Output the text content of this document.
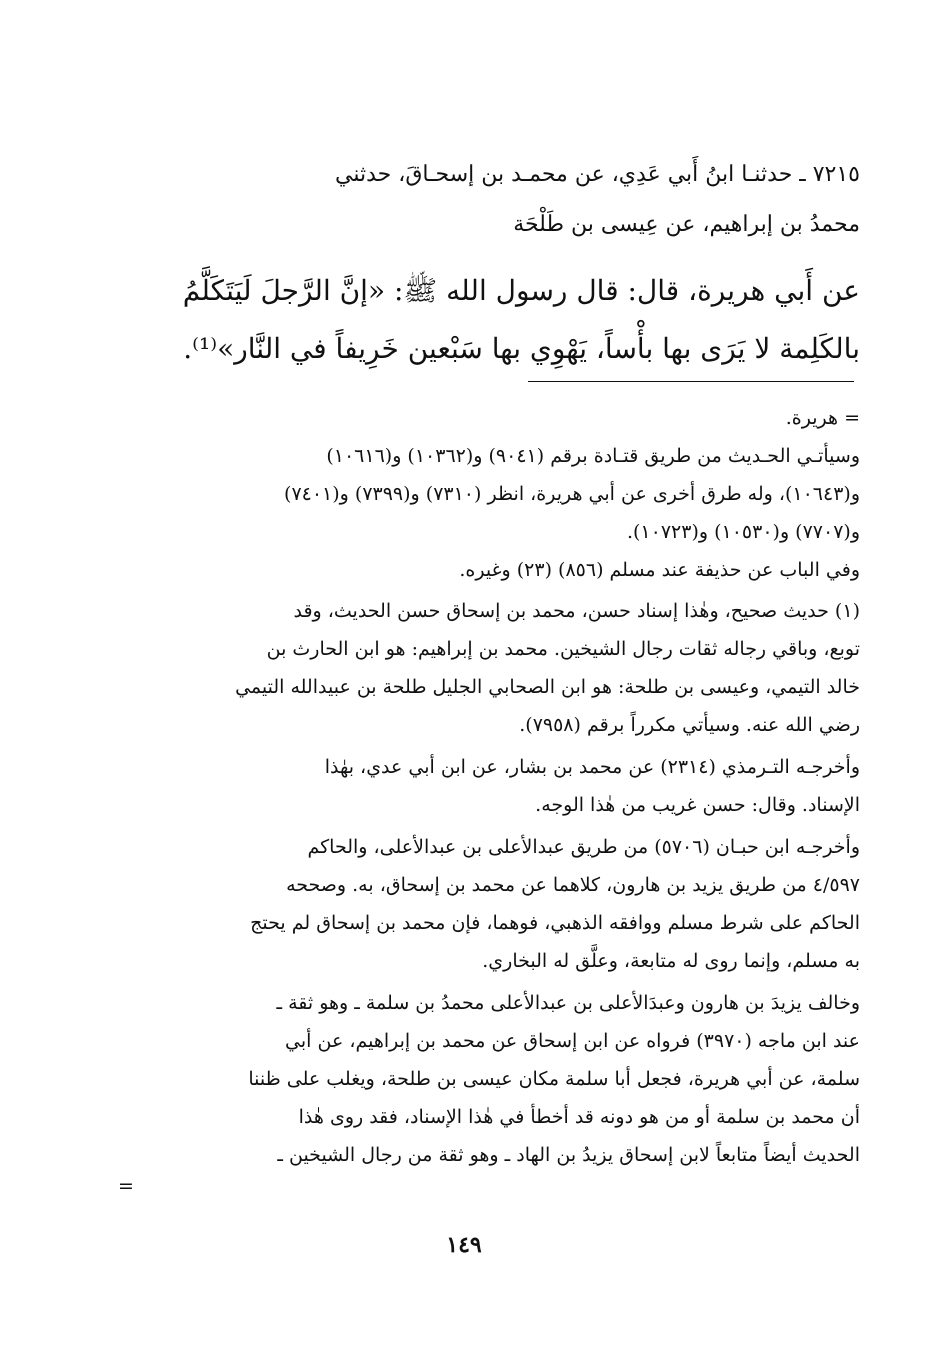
٧٢١٥ ـ حدثنـا ابنُ أَبي عَدِي، عن محمـد بن إسحـاقَ، حدثني
محمدُ بن إبراهيم، عن عِيسى بن طَلْحَة
عن أَبي هريرة، قال: قال رسول الله ﷺ: «إنَّ الرَّجلَ لَيَتَكَلَّمُ
بالكَلِمة لا يَرَى بها بأْساً، يَهْوِي بها سَبْعين خَرِيفاً في النَّار»⁽¹⁾.
= هريرة.
وسيأتـي الحـديث من طريق قتـادة برقم (٩٠٤١) و(١٠٣٦٢) و(١٠٦١٦)
و(١٠٦٤٣)، وله طرق أخرى عن أبي هريرة، انظر (٧٣١٠) و(٧٣٩٩) و(٧٤٠١)
و(٧٧٠٧) و(١٠٥٣٠) و(١٠٧٢٣).
وفي الباب عن حذيفة عند مسلم (٨٥٦) (٢٣) وغيره.
(١) حديث صحيح، وهٰذا إسناد حسن، محمد بن إسحاق حسن الحديث، وقد
توبع، وباقي رجاله ثقات رجال الشيخين. محمد بن إبراهيم: هو ابن الحارث بن
خالد التيمي، وعيسى بن طلحة: هو ابن الصحابي الجليل طلحة بن عبيدالله التيمي
رضي الله عنه. وسيأتي مكرراً برقم (٧٩٥٨).
وأخرجـه التـرمذي (٢٣١٤) عن محمد بن بشار، عن ابن أبي عدي، بهٰذا
الإسناد. وقال: حسن غريب من هٰذا الوجه.
وأخرجـه ابن حبـان (٥٧٠٦) من طريق عبدالأعلى بن عبدالأعلى، والحاكم
٤/٥٩٧ من طريق يزيد بن هارون، كلاهما عن محمد بن إسحاق، به. وصححه
الحاكم على شرط مسلم ووافقه الذهبي، فوهما، فإن محمد بن إسحاق لم يحتج
به مسلم، وإنما روى له متابعة، وعلَّق له البخاري.
وخالف يزيدَ بن هارون وعبدَالأعلى بن عبدالأعلى محمدُ بن سلمة ـ وهو ثقة ـ
عند ابن ماجه (٣٩٧٠) فرواه عن ابن إسحاق عن محمد بن إبراهيم، عن أبي
سلمة، عن أبي هريرة، فجعل أبا سلمة مكان عيسى بن طلحة، ويغلب على ظننا
أن محمد بن سلمة أو من هو دونه قد أخطأ في هٰذا الإسناد، فقد روى هٰذا
الحديث أيضاً متابعاً لابن إسحاق يزيدُ بن الهاد ـ وهو ثقة من رجال الشيخين ـ
=
١٤٩
